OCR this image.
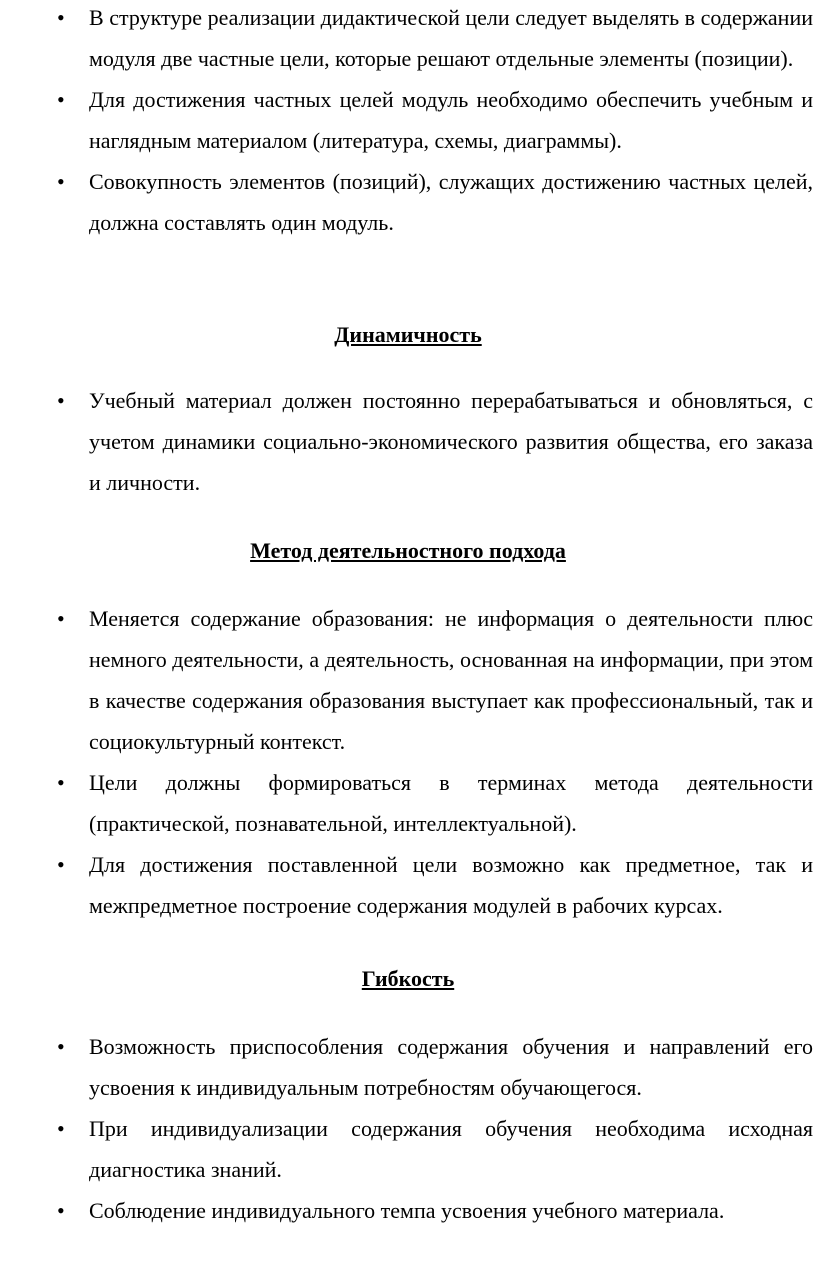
• В структуре реализации дидактической цели следует выделять в содержании модуля две частные цели, которые решают отдельные элементы (позиции).
• Для достижения частных целей модуль необходимо обеспечить учебным и наглядным материалом (литература, схемы, диаграммы).
• Совокупность элементов (позиций), служащих достижению частных целей, должна составлять один модуль.
Динамичность
• Учебный материал должен постоянно перерабатываться и обновляться, с учетом динамики социально-экономического развития общества, его заказа и личности.
Метод деятельностного подхода
• Меняется содержание образования: не информация о деятельности плюс немного деятельности, а деятельность, основанная на информации, при этом в качестве содержания образования выступает как профессиональный, так и социокультурный контекст.
• Цели должны формироваться в терминах метода деятельности (практической, познавательной, интеллектуальной).
• Для достижения поставленной цели возможно как предметное, так и межпредметное построение содержания модулей в рабочих курсах.
Гибкость
• Возможность приспособления содержания обучения и направлений его усвоения к индивидуальным потребностям обучающегося.
• При индивидуализации содержания обучения необходима исходная диагностика знаний.
• Соблюдение индивидуального темпа усвоения учебного материала.
